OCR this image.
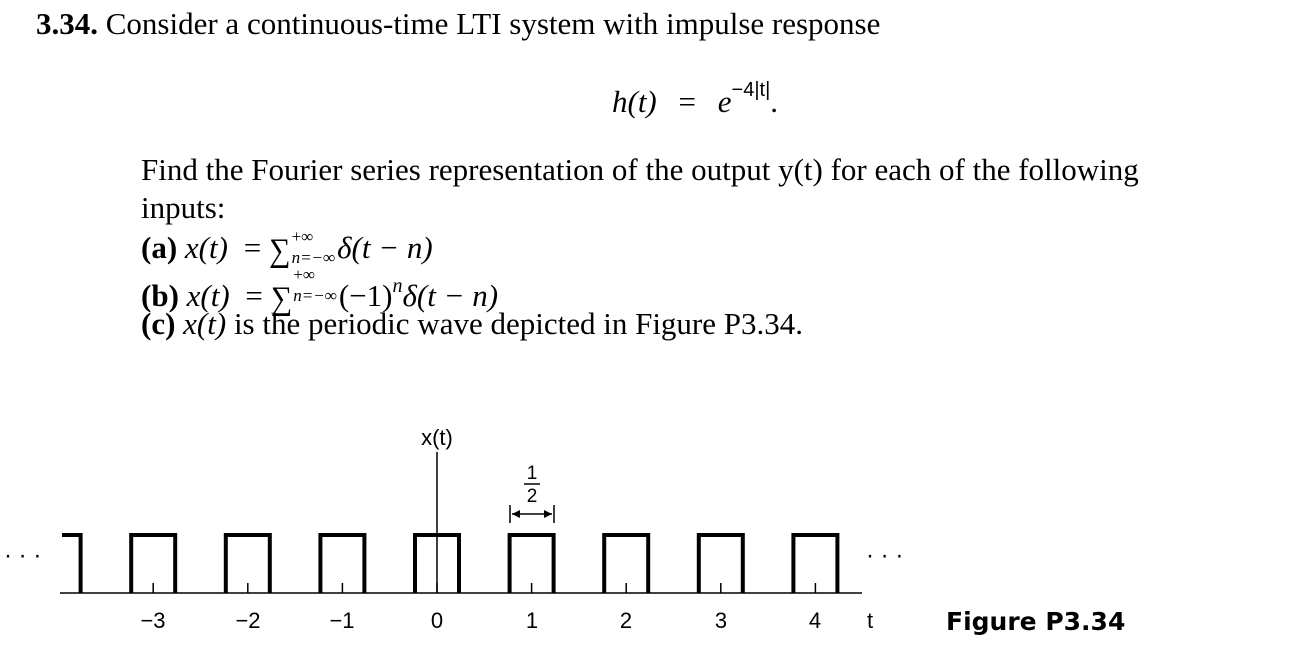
3.34. Consider a continuous-time LTI system with impulse response
$h(t) = e^{-4|t|}$.
Find the Fourier series representation of the output y(t) for each of the following
inputs:
(a) x(t) = ∑ +∞
n=−∞ δ(t − n)
(b) x(t) = ∑
+∞
n=−∞ $(-1)^n\delta(t - n)$
(c) x(t) is the periodic wave depicted in Figure P3.34.
x(t)
t
−3	−2	−1	0	1	2	3	4
1
2
· · ·	· · ·
Figure P3.34
